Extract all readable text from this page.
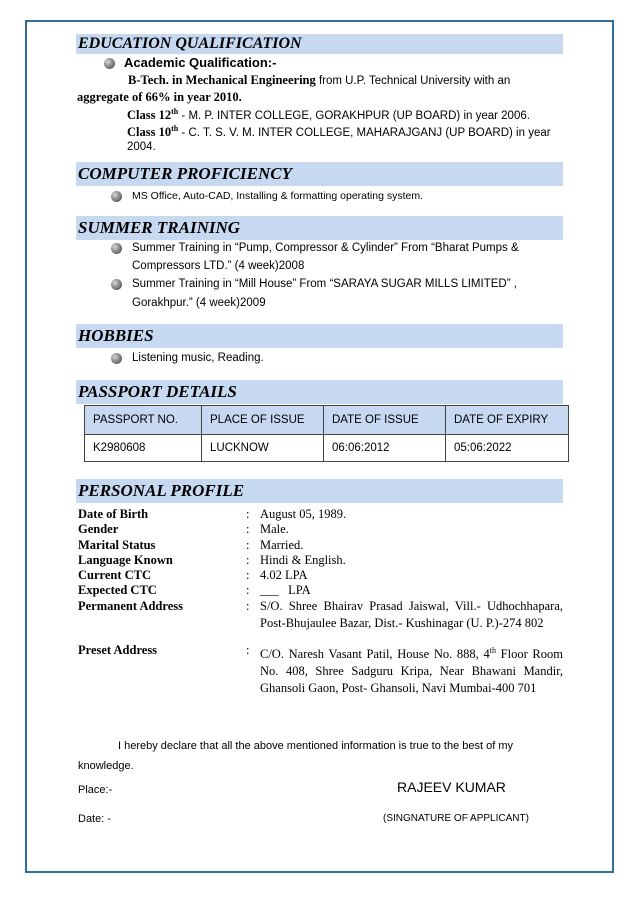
EDUCATION QUALIFICATION
Academic Qualification:-
B-Tech. in Mechanical Engineering from U.P. Technical University with an
aggregate of 66% in year 2010.
Class 12th - M. P. INTER COLLEGE, GORAKHPUR (UP BOARD) in year 2006.
Class 10th - C. T. S. V. M. INTER COLLEGE, MAHARAJGANJ (UP BOARD) in year
2004.
COMPUTER PROFICIENCY
MS Office, Auto-CAD, Installing & formatting operating system.
SUMMER TRAINING
Summer Training in “Pump, Compressor & Cylinder” From “Bharat Pumps &
Compressors LTD.” (4 week)2008
Summer Training in “Mill House” From “SARAYA SUGAR MILLS LIMITED” ,
Gorakhpur.” (4 week)2009
HOBBIES
Listening music, Reading.
PASSPORT DETAILS
PASSPORT NO.	PLACE OF ISSUE	DATE OF ISSUE	DATE OF EXPIRY
K2980608	LUCKNOW	06:06:2012	05:06:2022
PERSONAL PROFILE
Date of Birth	: August 05, 1989.
Gender	: Male.
Marital Status	: Married.
Language Known	: Hindi & English.
Current CTC	: 4.02 LPA
Expected CTC	: ___   LPA
Permanent Address	: S/O. Shree Bhairav Prasad Jaiswal, Vill.- Udhochhapara, Post-Bhujaulee Bazar, Dist.- Kushinagar (U. P.)-274 802
Preset Address	: C/O. Naresh Vasant Patil, House No. 888, 4th Floor Room No. 408, Shree Sadguru Kripa, Near Bhawani Mandir, Ghansoli Gaon, Post- Ghansoli, Navi Mumbai-400 701
I hereby declare that all the above mentioned information is true to the best of my
knowledge.
Place:-	RAJEEV KUMAR
Date: -	(SINGNATURE OF APPLICANT)
